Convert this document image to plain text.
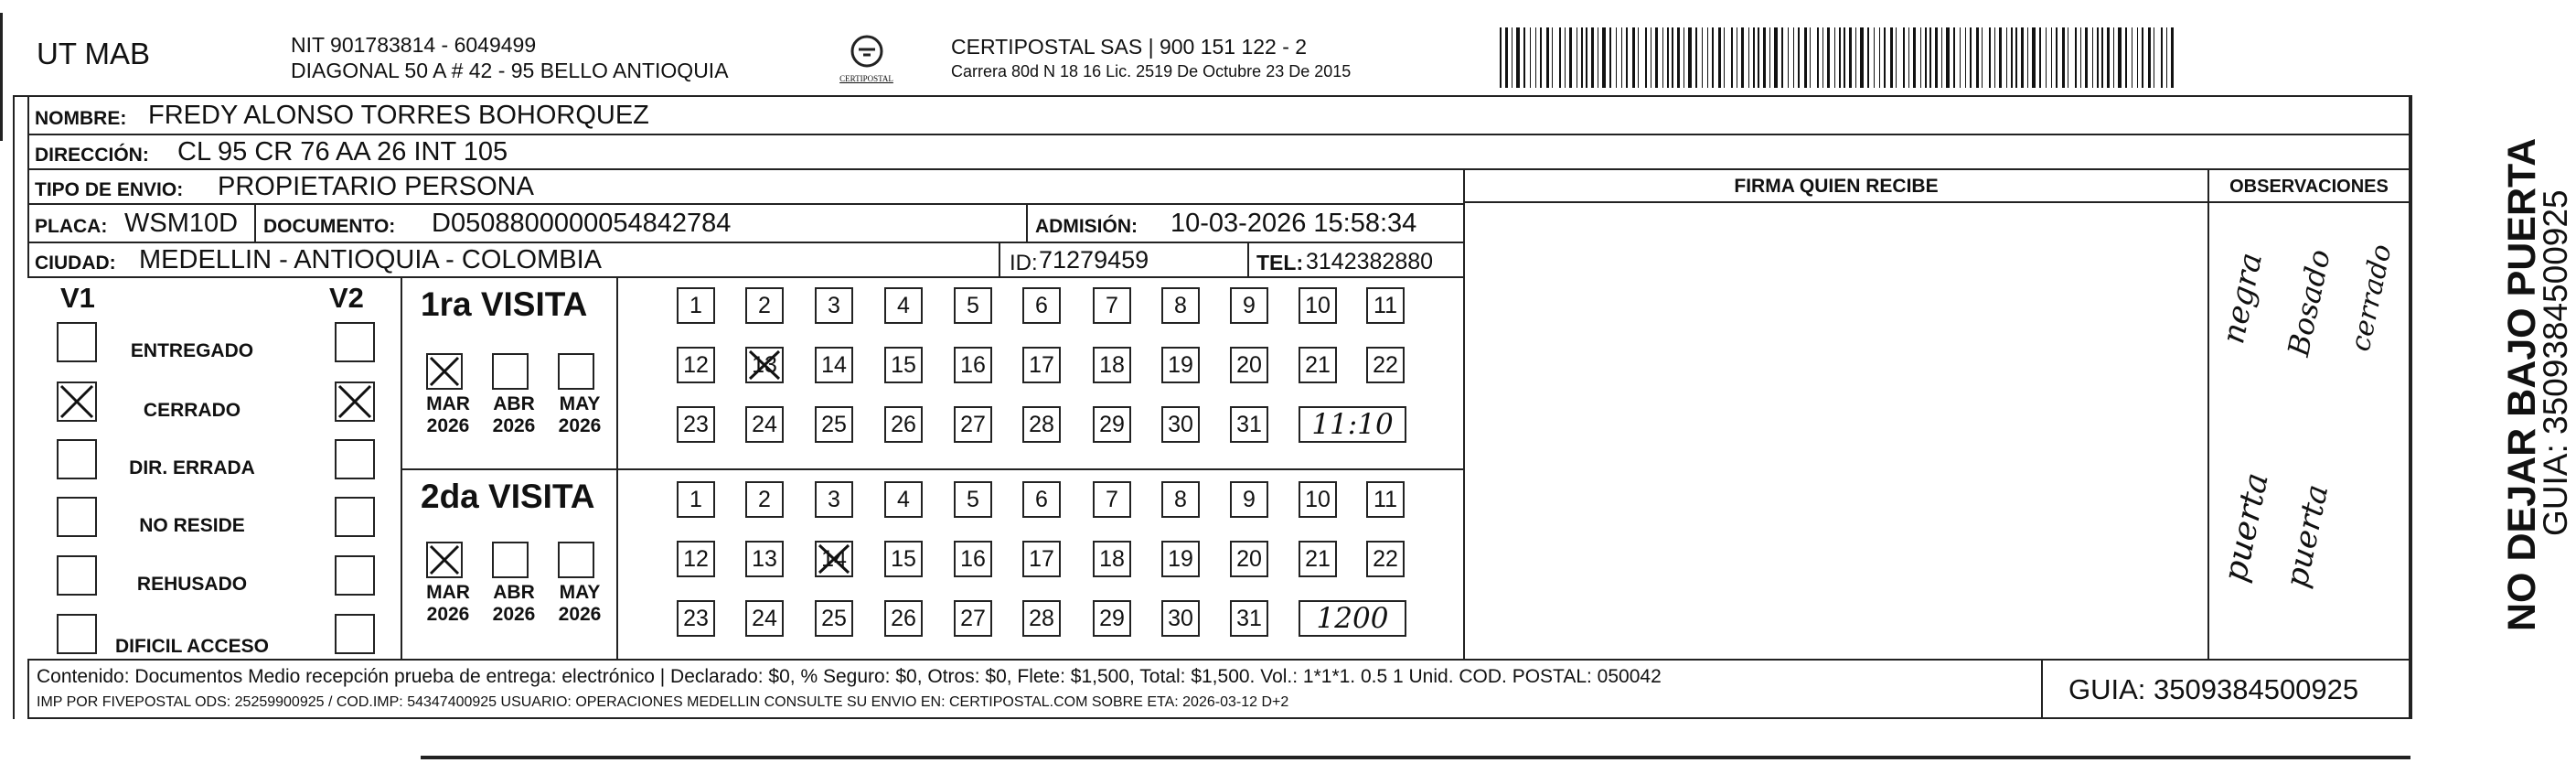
UT MAB	NIT 901783814 - 6049499
DIAGONAL 50 A # 42 - 95 BELLO ANTIOQUIA	CERTIPOSTAL
CERTIPOSTAL SAS | 900 151 122 - 2
Carrera 80d N 18 16 Lic. 2519 De Octubre 23 De 2015
NOMBRE: FREDY ALONSO TORRES BOHORQUEZ
DIRECCIÓN: CL 95 CR 76 AA 26 INT 105
TIPO DE ENVIO: PROPIETARIO PERSONA
PLACA: WSM10D DOCUMENTO: D0508800000054842784	ADMISIÓN: 10-03-2026 15:58:34
CIUDAD: MEDELLIN - ANTIOQUIA - COLOMBIA	ID: 71279459	TEL: 3142382880
FIRMA QUIEN RECIBE	OBSERVACIONES
negra Bosado cerrado
puerta puerta
V1	V2
ENTREGADO
CERRADO
DIR. ERRADA
NO RESIDE
REHUSADO
DIFICIL ACCESO
1ra VISITA
MAR
2026
ABR
2026
MAY
2026
1	2	3	4	5	6	7	8	9	10	11
12 13 14 15 16 17 18 19 20 21 22
23 24 25 26 27 28 29 30 31	11:10
2da VISITA
MAR
2026
ABR
2026
MAY
2026
1	2	3	4	5	6	7	8	9	10	11
12 13 14 15 16 17 18 19 20 21 22
23 24 25 26 27 28 29 30 31	1200
Contenido: Documentos Medio recepción prueba de entrega: electrónico | Declarado: $0, % Seguro: $0, Otros: $0, Flete: $1,500, Total: $1,500. Vol.: 1*1*1. 0.5 1 Unid. COD. POSTAL: 050042
IMP POR FIVEPOSTAL ODS: 25259900925 / COD.IMP: 54347400925 USUARIO: OPERACIONES MEDELLIN CONSULTE SU ENVIO EN: CERTIPOSTAL.COM SOBRE ETA: 2026-03-12 D+2	GUIA: 3509384500925
NO DEJAR BAJO PUERTA
GUIA: 3509384500925
